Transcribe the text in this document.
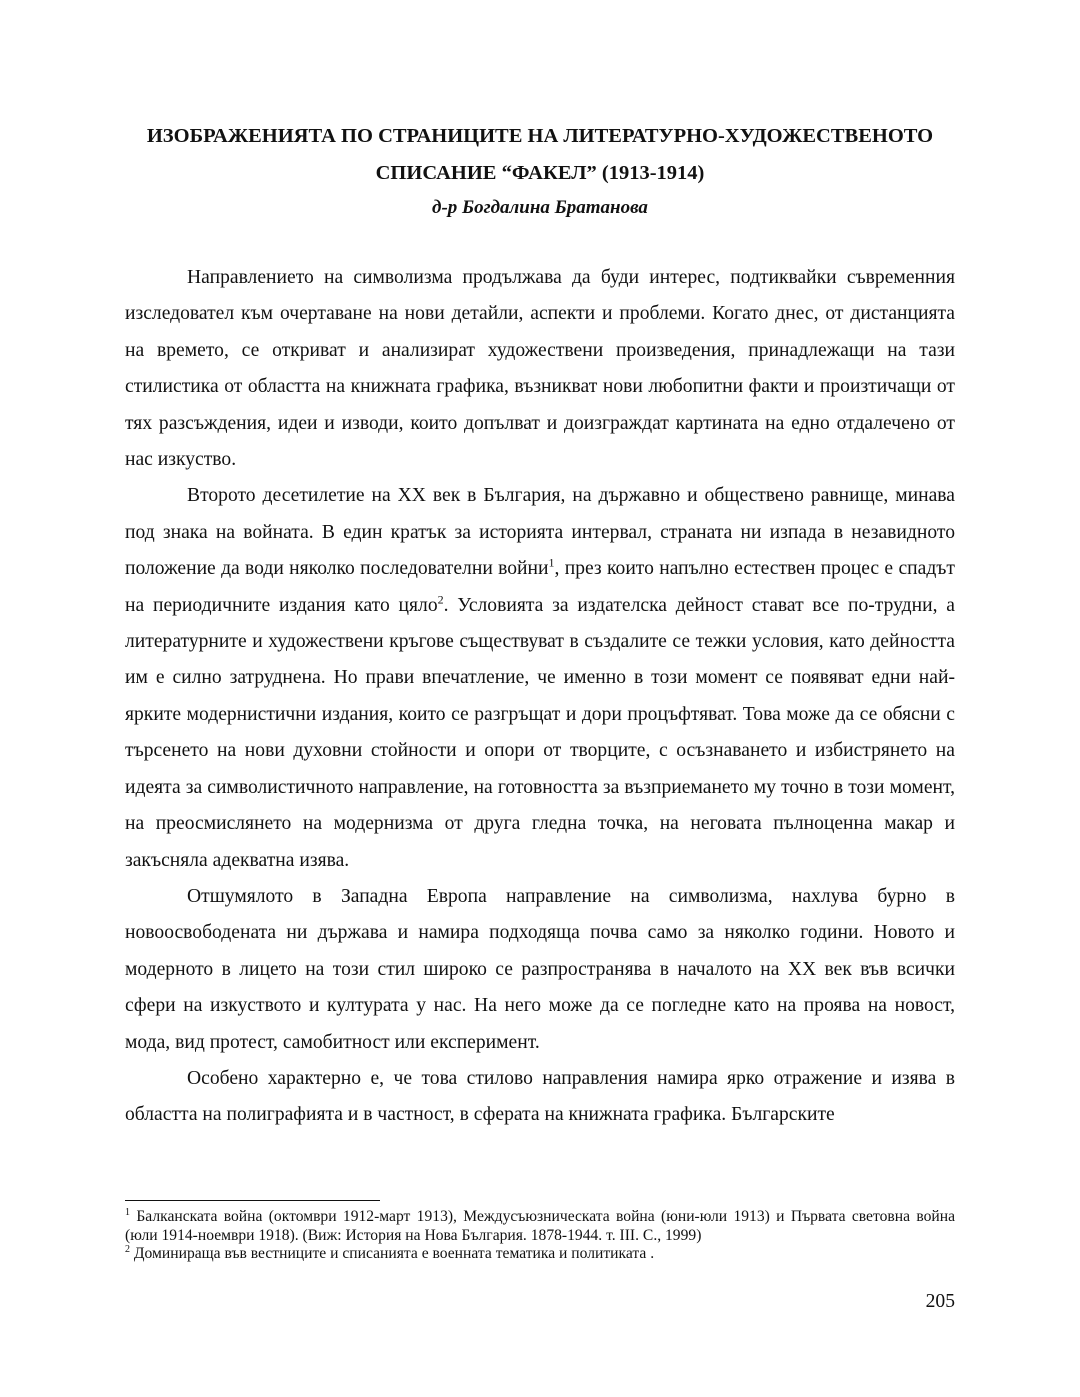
ИЗОБРАЖЕНИЯТА ПО СТРАНИЦИТЕ НА ЛИТЕРАТУРНО-ХУДОЖЕСТВЕНОТО СПИСАНИЕ “ФАКЕЛ” (1913-1914)

д-р Богдалина Братанова

Направлението на символизма продължава да буди интерес, подтиквайки съвременния изследовател към очертаване на нови детайли, аспекти и проблеми. Когато днес, от дистанцията на времето, се откриват и анализират художествени произведения, принадлежащи на тази стилистика от областта на книжната графика, възникват нови любопитни факти и произтичащи от тях разсъждения, идеи и изводи, които допълват и доизграждат картината на едно отдалечено от нас изкуство.

Второто десетилетие на ХХ век в България, на държавно и обществено равнище, минава под знака на войната. В един кратък за историята интервал, страната ни изпада в незавидното положение да води няколко последователни войни$^1$, през които напълно естествен процес е спадът на периодичните издания като цяло$^2$. Условията за издателска дейност стават все по-трудни, а литературните и художествени кръгове съществуват в създалите се тежки условия, като дейността им е силно затруднена. Но прави впечатление, че именно в този момент се появяват едни най-ярките модернистични издания, които се разгръщат и дори процъфтяват. Това може да се обясни с търсенето на нови духовни стойности и опори от творците, с осъзнаването и избистрянето на идеята за символистичното направление, на готовността за възприемането му точно в този момент, на преосмислянето на модернизма от друга гледна точка, на неговата пълноценна макар и закъсняла адекватна изява.

Отшумялото в Западна Европа направление на символизма, нахлува бурно в новоосвободената ни държава и намира подходяща почва само за няколко години. Новото и модерното в лицето на този стил широко се разпространява в началото на ХХ век във всички сфери на изкуството и културата у нас. На него може да се погледне като на проява на новост, мода, вид протест, самобитност или експеримент.

Особено характерно е, че това стилово направления намира ярко отражение и изява в областта на полиграфията и в частност, в сферата на книжната графика. Българските

$^1$ Балканската война (октомври 1912-март 1913), Междусъюзническата война (юни-юли 1913) и Първата световна война (юли 1914-ноември 1918). (Виж: История на Нова България. 1878-1944. т. III. С., 1999)

$^2$ Доминираща във вестниците и списанията е военната тематика и политиката .

205
